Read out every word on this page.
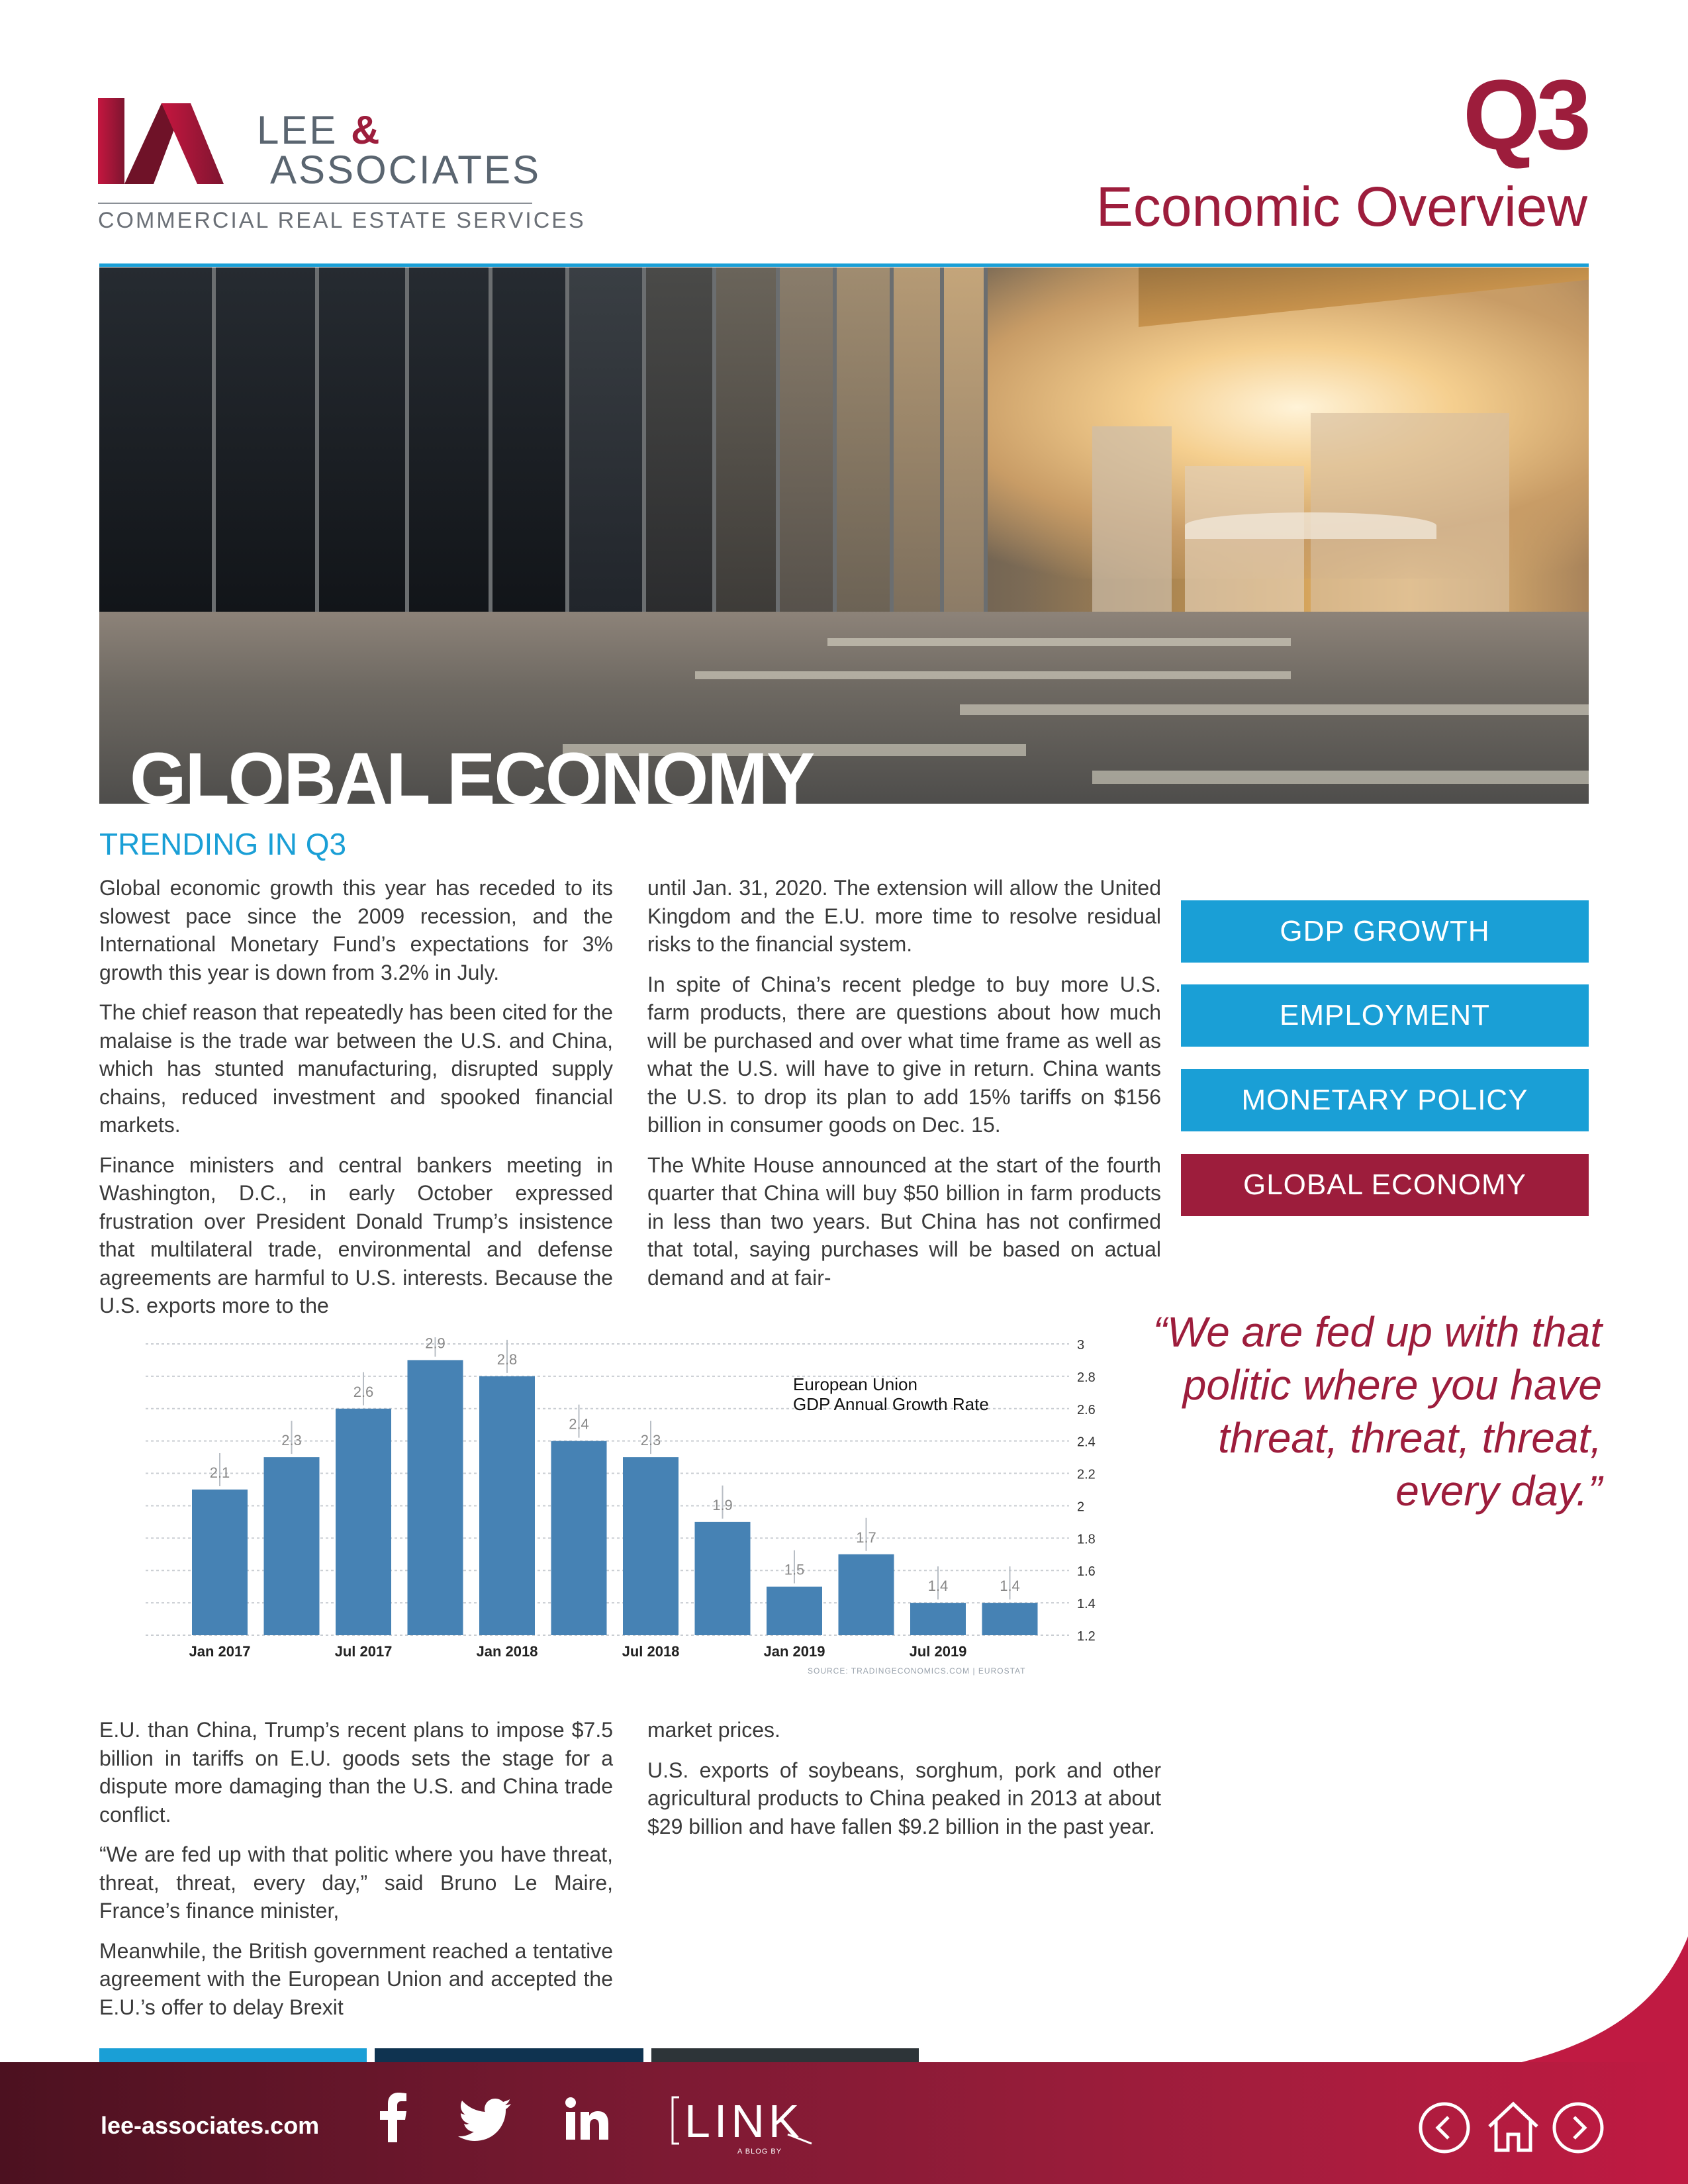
LEE &
ASSOCIATES
COMMERCIAL REAL ESTATE SERVICES
Q3
Economic Overview
GLOBAL ECONOMY
TRENDING IN Q3

Global economic growth this year has receded to its slowest pace since the 2009 recession, and the International Monetary Fund’s expectations for 3% growth this year is down from 3.2% in July.

The chief reason that repeatedly has been cited for the malaise is the trade war between the U.S. and China, which has stunted manufacturing, disrupted supply chains, reduced investment and spooked financial markets.

Finance ministers and central bankers meeting in Washington, D.C., in early October expressed frustration over President Donald Trump’s insistence that multilateral trade, environmental and defense agreements are harmful to U.S. interests. Because the U.S. exports more to the

until Jan. 31, 2020. The extension will allow the United Kingdom and the E.U. more time to resolve residual risks to the financial system.

In spite of China’s recent pledge to buy more U.S. farm products, there are questions about how much will be purchased and over what time frame as well as what the U.S. will have to give in return. China wants the U.S. to drop its plan to add 15% tariffs on $156 billion in consumer goods on Dec. 15.

The White House announced at the start of the fourth quarter that China will buy $50 billion in farm products in less than two years. But China has not confirmed that total, saying purchases will be based on actual demand and at fair-

E.U. than China, Trump’s recent plans to impose $7.5 billion in tariffs on E.U. goods sets the stage for a dispute more damaging than the U.S. and China trade conflict.

“We are fed up with that politic where you have threat, threat, threat, every day,” said Bruno Le Maire, France’s finance minister,

Meanwhile, the British government reached a tentative agreement with the European Union and accepted the E.U.’s offer to delay Brexit

market prices.

U.S. exports of soybeans, sorghum, pork and other agricultural products to China peaked in 2013 at about $29 billion and have fallen $9.2 billion in the past year.

GDP GROWTH
EMPLOYMENT
MONETARY POLICY
GLOBAL ECONOMY
“We are fed up with that politic where you have threat, threat, threat, every day.”
2.1
2.3
2.6
2.9
2.8
2.4
2.3
1.9
1.5
1.7
1.4	1.4
1.2
1.4
1.6
1.8
2
2.2
2.4
2.6
2.8
3
Jan 2017	Jul 2017	Jan 2018	Jul 2018	Jan 2019	Jul 2019
European Union
GDP Annual Growth Rate
SOURCE: TRADINGECONOMICS.COM | EUROSTAT
lee-associates.com	LINK
A BLOG BY
